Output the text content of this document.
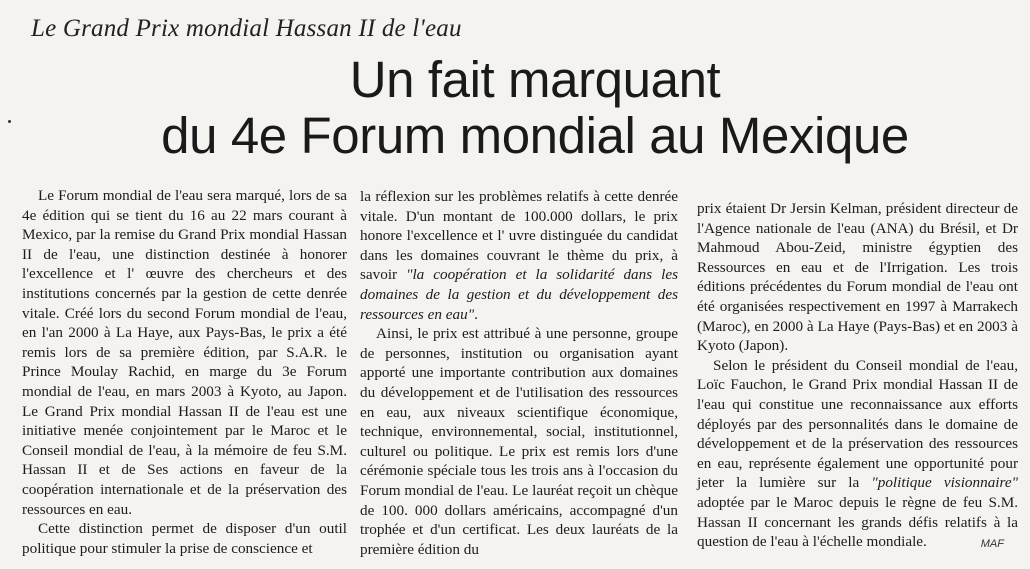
Le Grand Prix mondial Hassan II de l'eau
Un fait marquant
du 4e Forum mondial au Mexique

Le Forum mondial de l'eau sera marqué, lors de sa 4e édition qui se tient du 16 au 22 mars courant à Mexico, par la remise du Grand Prix mondial Hassan II de l'eau, une distinction destinée à honorer l'excellence et l' œuvre des chercheurs et des institutions concernés par la gestion de cette denrée vitale. Créé lors du second Forum mondial de l'eau, en l'an 2000 à La Haye, aux Pays-Bas, le prix a été remis lors de sa première édition, par S.A.R. le Prince Moulay Rachid, en marge du 3e Forum mondial de l'eau, en mars 2003 à Kyoto, au Japon. Le Grand Prix mondial Hassan II de l'eau est une initiative menée conjointement par le Maroc et le Conseil mondial de l'eau, à la mémoire de feu S.M. Hassan II et de Ses actions en faveur de la coopération internationale et de la préservation des ressources en eau.

Cette distinction permet de disposer d'un outil politique pour stimuler la prise de conscience et

la réflexion sur les problèmes relatifs à cette denrée vitale. D'un montant de 100.000 dollars, le prix honore l'excellence et l' uvre distinguée du candidat dans les domaines couvrant le thème du prix, à savoir "la coopération et la solidarité dans les domaines de la gestion et du développement des ressources en eau".

Ainsi, le prix est attribué à une personne, groupe de personnes, institution ou organisation ayant apporté une importante contribution aux domaines du développement et de l'utilisation des ressources en eau, aux niveaux scientifique économique, technique, environnemental, social, institutionnel, culturel ou politique. Le prix est remis lors d'une cérémonie spéciale tous les trois ans à l'occasion du Forum mondial de l'eau. Le lauréat reçoit un chèque de 100. 000 dollars américains, accompagné d'un trophée et d'un certificat. Les deux lauréats de la première édition du

prix étaient Dr Jersin Kelman, président directeur de l'Agence nationale de l'eau (ANA) du Brésil, et Dr Mahmoud Abou-Zeid, ministre égyptien des Ressources en eau et de l'Irrigation. Les trois éditions précédentes du Forum mondial de l'eau ont été organisées respectivement en 1997 à Marrakech (Maroc), en 2000 à La Haye (Pays-Bas) et en 2003 à Kyoto (Japon).

Selon le président du Conseil mondial de l'eau, Loïc Fauchon, le Grand Prix mondial Hassan II de l'eau qui constitue une reconnaissance aux efforts déployés par des personnalités dans le domaine de développement et de la préservation des ressources en eau, représente également une opportunité pour jeter la lumière sur la "politique visionnaire" adoptée par le Maroc depuis le règne de feu S.M. Hassan II concernant les grands défis relatifs à la question de l'eau à l'échelle mondiale.	MAF
